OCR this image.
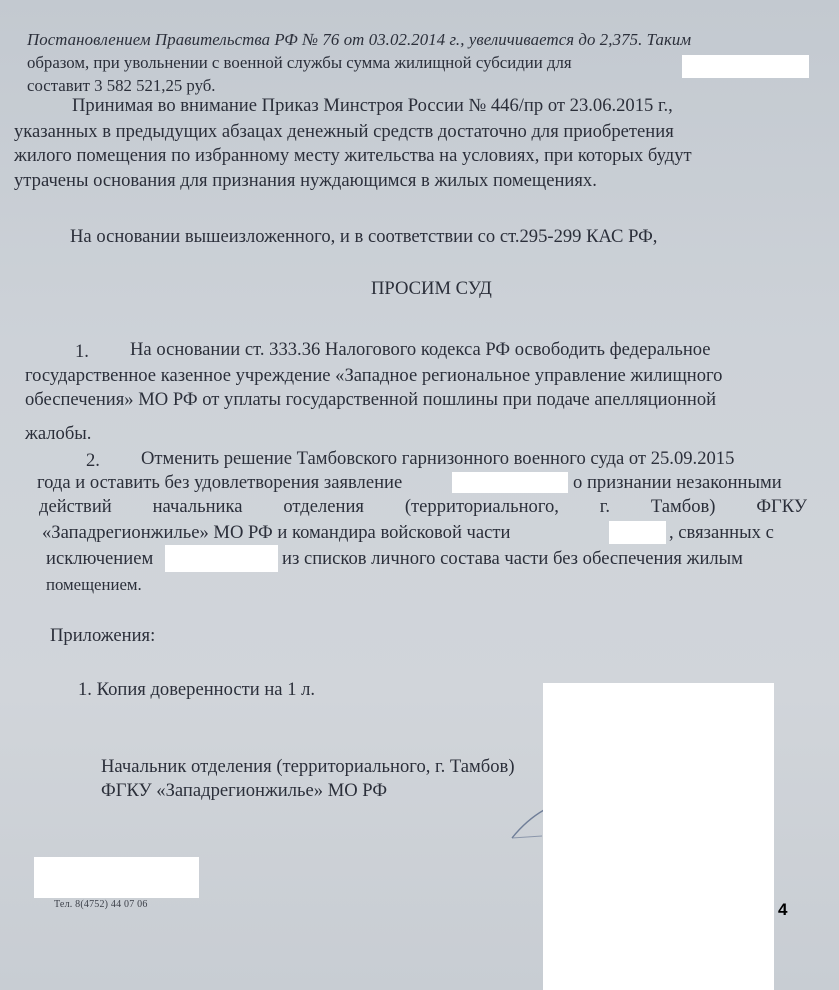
Постановлением Правительства РФ № 76 от 03.02.2014 г., увеличивается до 2,375. Таким
образом, при увольнении с военной службы сумма жилищной субсидии для
составит 3 582 521,25 руб.
Принимая во внимание Приказ Минстроя России № 446/пр от 23.06.2015 г.,
указанных в предыдущих абзацах денежный средств достаточно для приобретения
жилого помещения по избранному месту жительства на условиях, при которых будут
утрачены основания для признания нуждающимся в жилых помещениях.
На основании вышеизложенного, и в соответствии со ст.295-299 КАС РФ,
ПРОСИМ СУД
1. На основании ст. 333.36 Налогового кодекса РФ освободить федеральное
государственное казенное учреждение «Западное региональное управление жилищного
обеспечения» МО РФ от уплаты государственной пошлины при подаче апелляционной
жалобы.
2. Отменить решение Тамбовского гарнизонного военного суда от 25.09.2015
года и оставить без удовлетворения заявление	о признании незаконными
действий начальника отделения (территориального, г. Тамбов) ФГКУ
«Западрегионжилье» МО РФ и командира войсковой части	, связанных с
исключением	из списков личного состава части без обеспечения жилым
помещением.
Приложения:
1. Копия доверенности на 1 л.
Начальник отделения (территориального, г. Тамбов)
ФГКУ «Западрегионжилье» МО РФ
Тел. 8(4752) 44 07 06	4
